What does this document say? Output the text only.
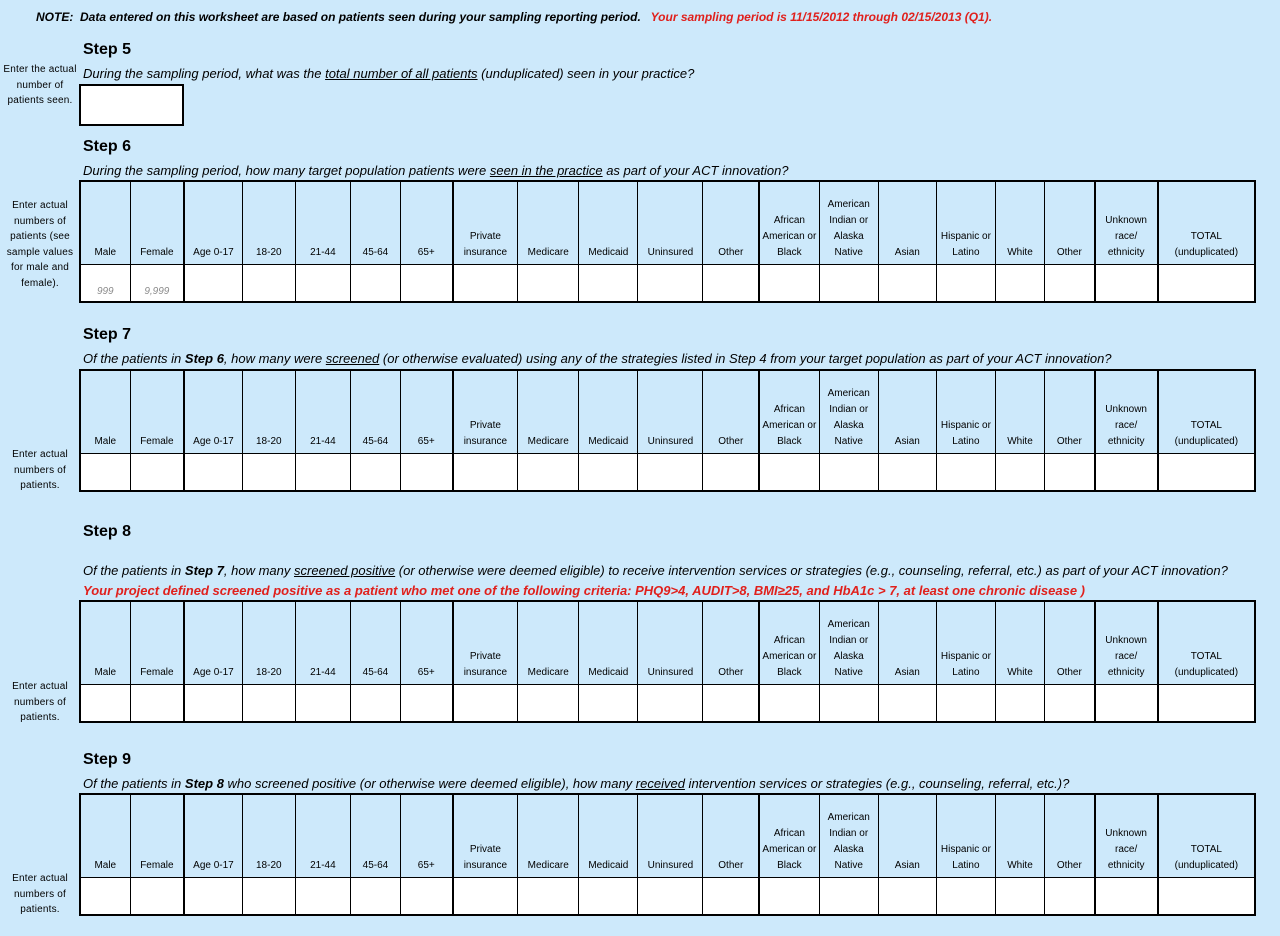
NOTE: Data entered on this worksheet are based on patients seen during your sampling reporting period. Your sampling period is 11/15/2012 through 02/15/2013 (Q1).
Step 5
Enter the actual number of patients seen.
During the sampling period, what was the total number of all patients (unduplicated) seen in your practice?
Step 6
During the sampling period, how many target population patients were seen in the practice as part of your ACT innovation?
Enter actual numbers of patients (see sample values for male and female).
Male	Female	Age 0-17	18-20	21-44	45-64	65+	Private insurance	Medicare	Medicaid	Uninsured	Other	African American or Black	American Indian or Alaska Native	Asian	Hispanic or Latino	White	Other	Unknown race/ ethnicity	TOTAL (unduplicated)
999	9,999																		
Step 7
Of the patients in Step 6, how many were screened (or otherwise evaluated) using any of the strategies listed in Step 4 from your target population as part of your ACT innovation?
Enter actual numbers of patients.
Male	Female	Age 0-17	18-20	21-44	45-64	65+	Private insurance	Medicare	Medicaid	Uninsured	Other	African American or Black	American Indian or Alaska Native	Asian	Hispanic or Latino	White	Other	Unknown race/ ethnicity	TOTAL (unduplicated)

Step 8
Of the patients in Step 7, how many screened positive (or otherwise were deemed eligible) to receive intervention services or strategies (e.g., counseling, referral, etc.) as part of your ACT innovation? Your project defined screened positive as a patient who met one of the following criteria: PHQ9>4, AUDIT>8, BMI≥25, and HbA1c > 7, at least one chronic disease )
Enter actual numbers of patients.
Male	Female	Age 0-17	18-20	21-44	45-64	65+	Private insurance	Medicare	Medicaid	Uninsured	Other	African American or Black	American Indian or Alaska Native	Asian	Hispanic or Latino	White	Other	Unknown race/ ethnicity	TOTAL (unduplicated)

Step 9
Of the patients in Step 8 who screened positive (or otherwise were deemed eligible), how many received intervention services or strategies (e.g., counseling, referral, etc.)?
Enter actual numbers of patients.
Male	Female	Age 0-17	18-20	21-44	45-64	65+	Private insurance	Medicare	Medicaid	Uninsured	Other	African American or Black	American Indian or Alaska Native	Asian	Hispanic or Latino	White	Other	Unknown race/ ethnicity	TOTAL (unduplicated)
